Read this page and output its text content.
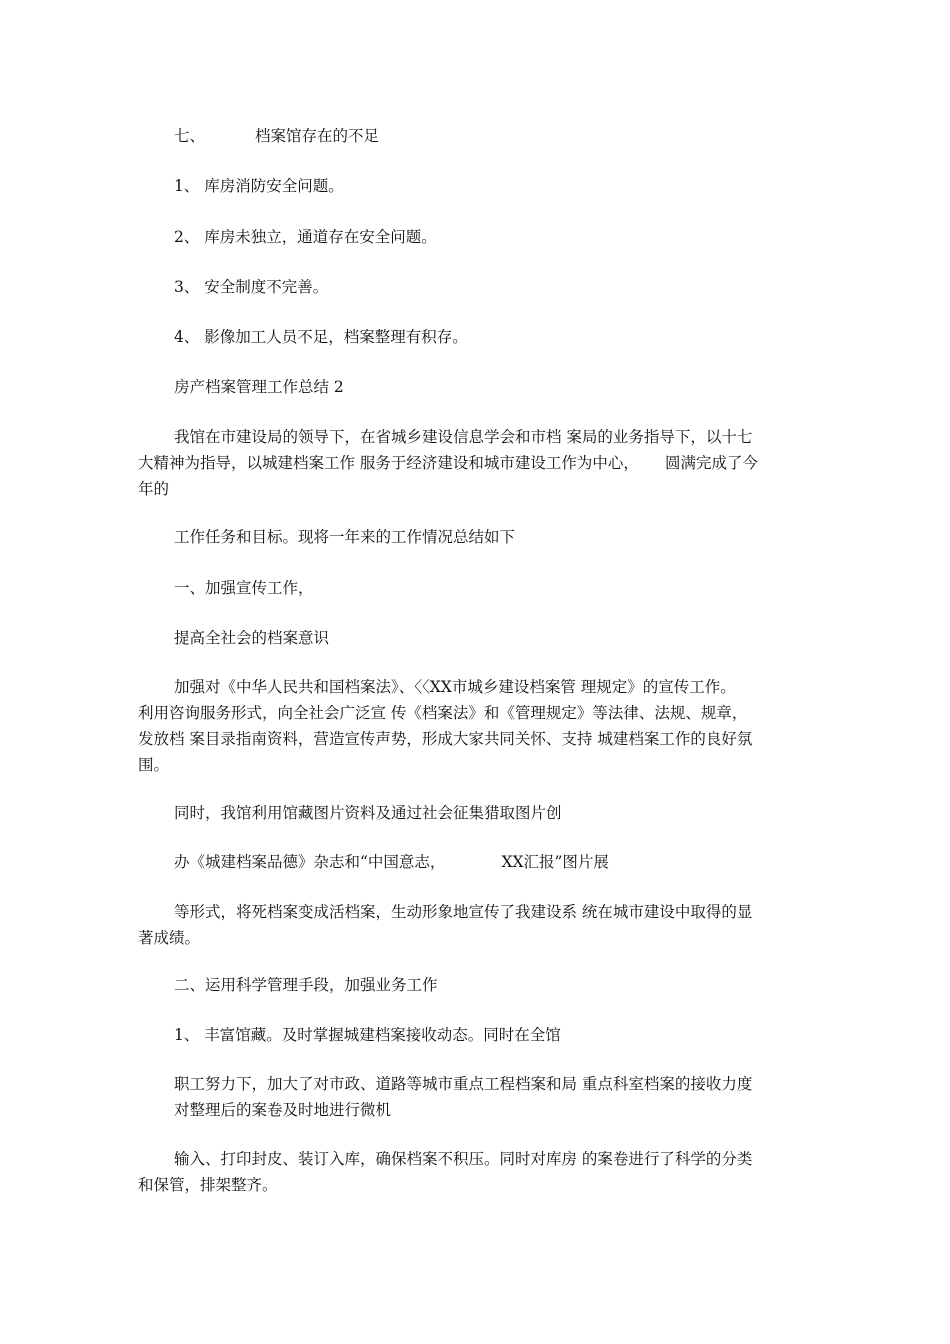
七、	档案馆存在的不足

1、 库房消防安全问题。

2、 库房未独立，通道存在安全问题。

3、 安全制度不完善。

4、 影像加工人员不足，档案整理有积存。

房产档案管理工作总结 2

我馆在市建设局的领导下，在省城乡建设信息学会和市档 案局的业务指导下，以十七
大精神为指导，以城建档案工作 服务于经济建设和城市建设工作为中心， 圆满完成了今
年的

工作任务和目标。现将一年来的工作情况总结如下

一、加强宣传工作，

提高全社会的档案意识

加强对《中华人民共和国档案法》、〈〈XX市城乡建设档案管 理规定》的宣传工作。
利用咨询服务形式，向全社会广泛宣 传《档案法》和《管理规定》等法律、法规、规章，
发放档 案目录指南资料，营造宣传声势，形成大家共同关怀、支持 城建档案工作的良好氛
围。

同时，我馆利用馆藏图片资料及通过社会征集猎取图片创

办《城建档案品德》杂志和“中国意志，	XX汇报”图片展

等形式，将死档案变成活档案，生动形象地宣传了我建设系 统在城市建设中取得的显
著成绩。

二、运用科学管理手段，加强业务工作

1、 丰富馆藏。及时掌握城建档案接收动态。同时在全馆

职工努力下，加大了对市政、道路等城市重点工程档案和局 重点科室档案的接收力度
对整理后的案卷及时地进行微机
输入、打印封皮、装订入库，确保档案不积压。同时对库房 的案卷进行了科学的分类
和保管，排架整齐。
